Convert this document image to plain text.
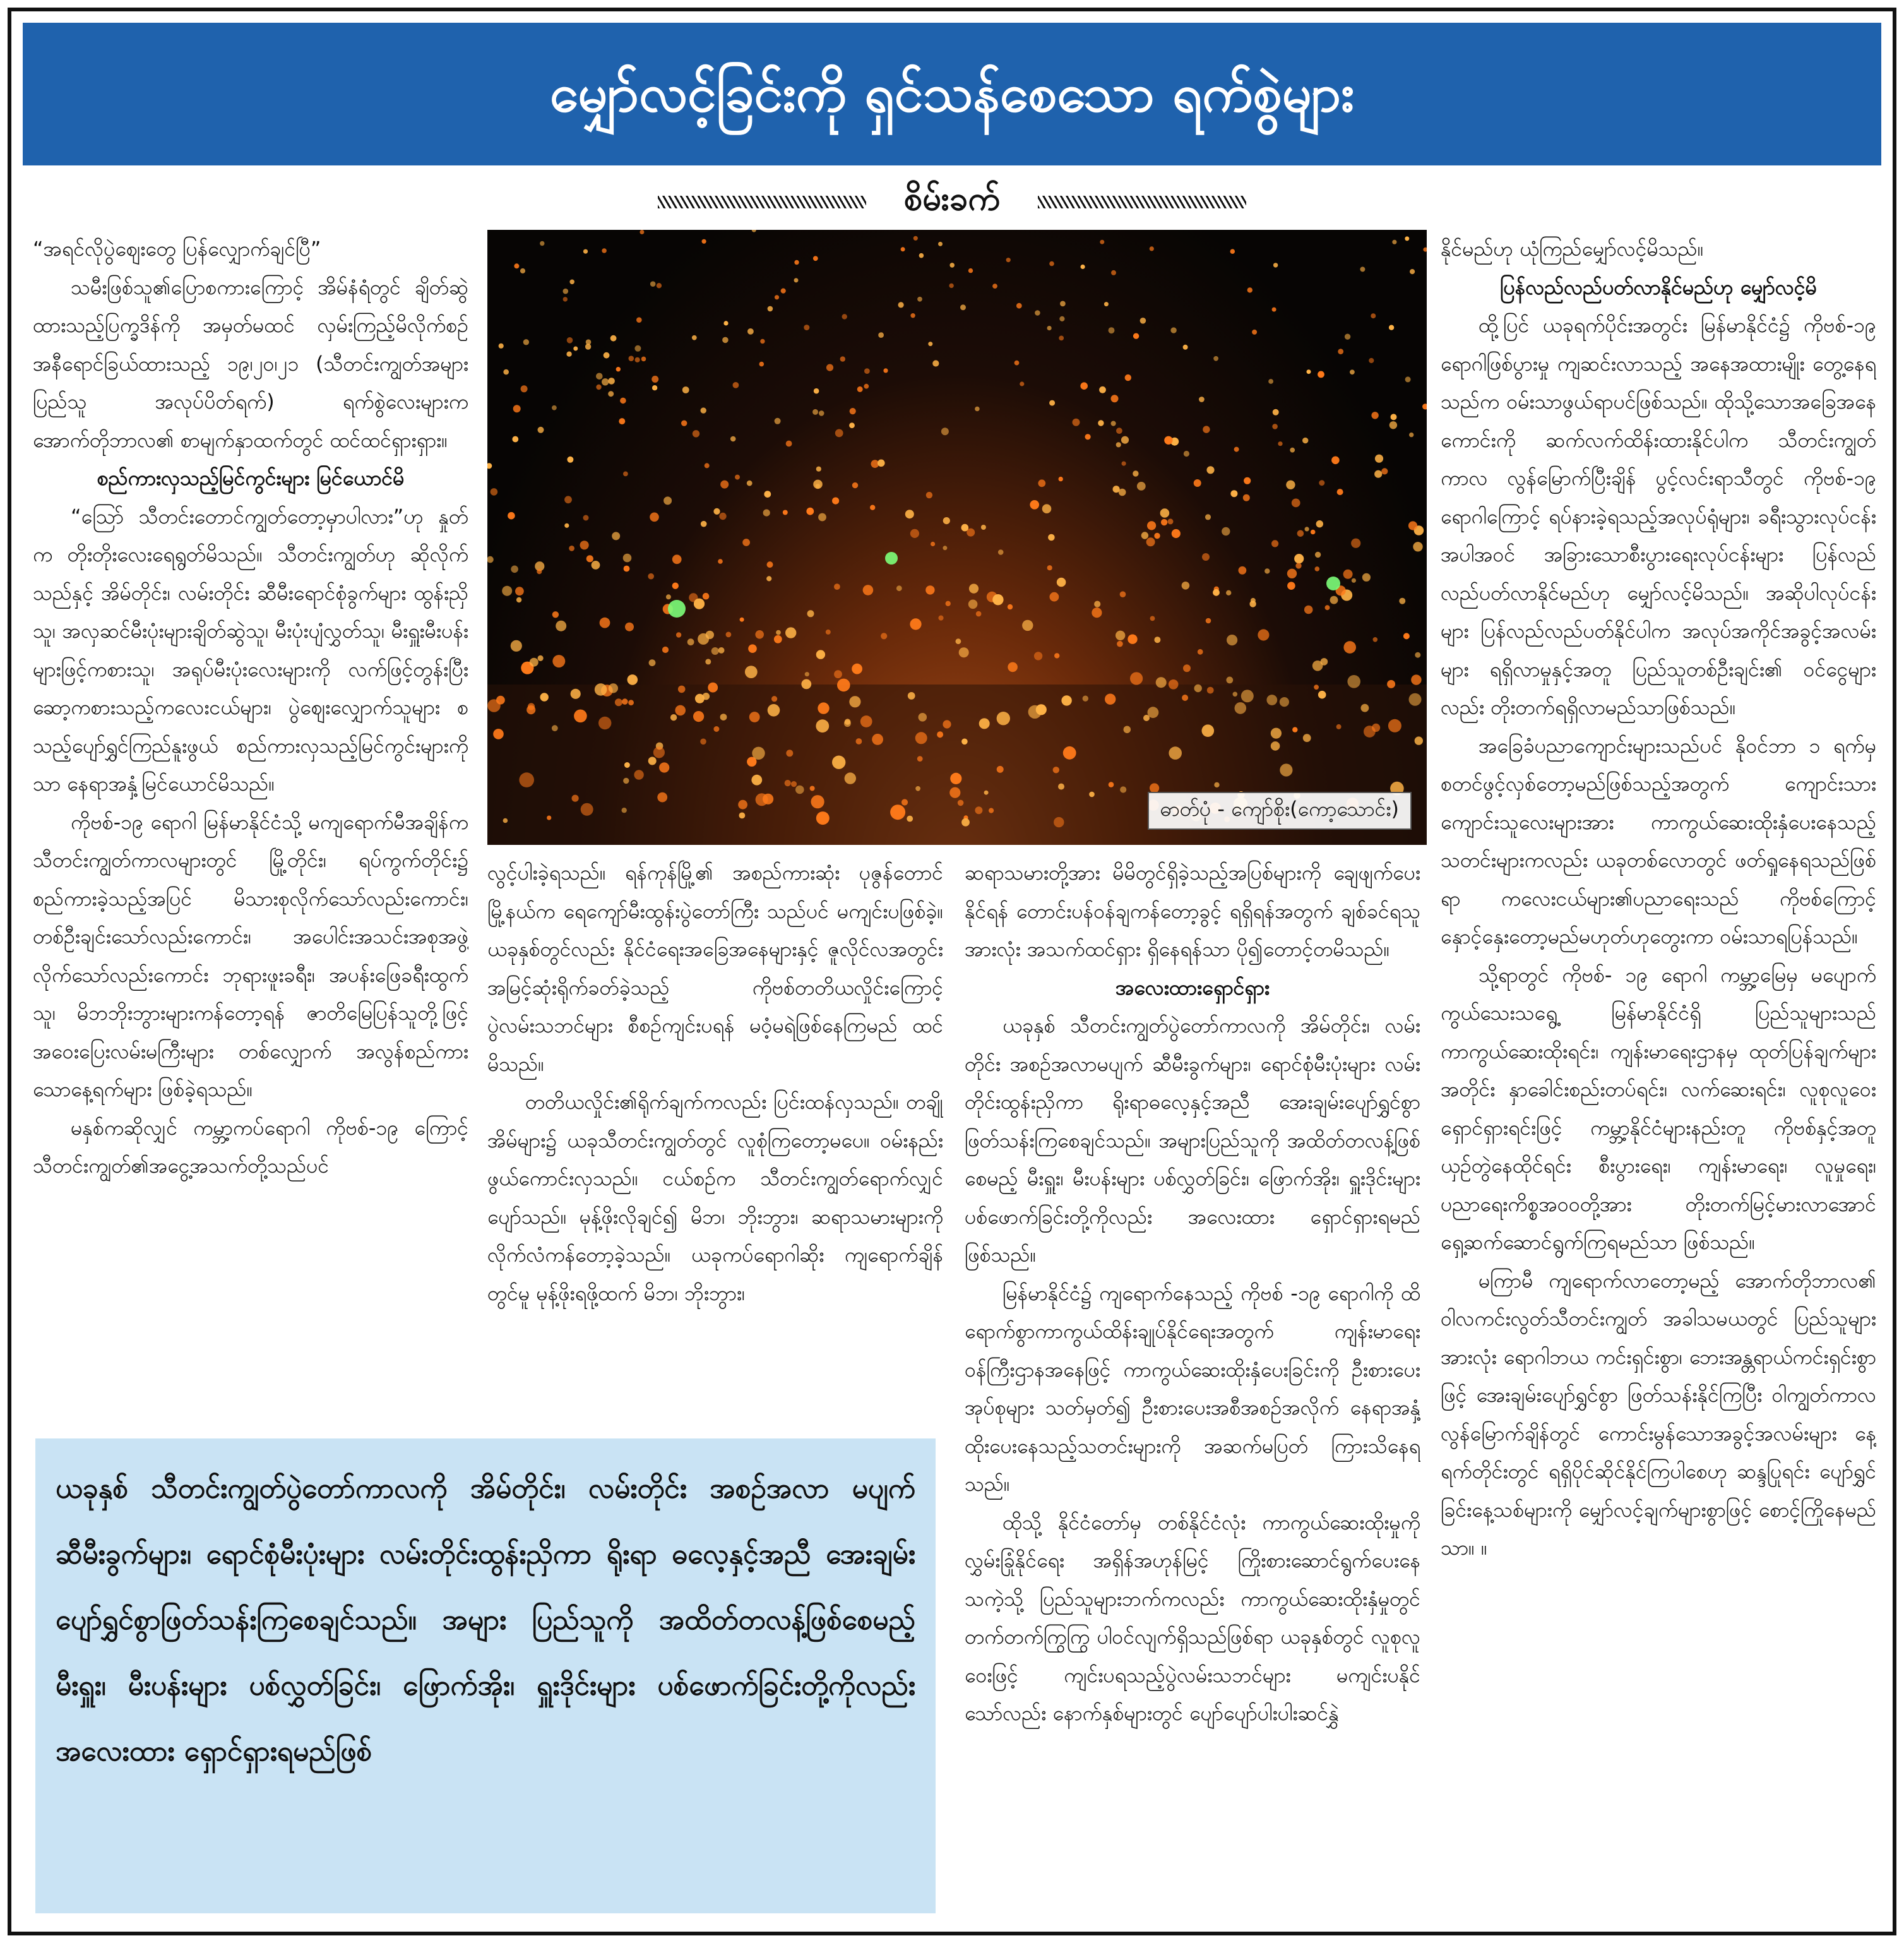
မျှော်လင့်ခြင်းကို ရှင်သန်စေသော ရက်စွဲများ
စိမ်းခက်

“အရင်လိုပွဲဈေးတွေ ပြန်လျှောက်ချင်ပြီ”

သမီးဖြစ်သူ၏ပြောစကားကြောင့် အိမ်နံရံတွင် ချိတ်ဆွဲထားသည့်ပြက္ခဒိန်ကို အမှတ်မထင် လှမ်းကြည့်မိလိုက်စဉ် အနီရောင်ခြယ်ထားသည့် ၁၉၊၂၀၊၂၁ (သီတင်းကျွတ်အများပြည်သူ အလုပ်ပိတ်ရက်) ရက်စွဲလေးများက အောက်တိုဘာလ၏ စာမျက်နှာထက်တွင် ထင်ထင်ရှားရှား။

စည်ကားလှသည့်မြင်ကွင်းများ မြင်ယောင်မိ

“ဩော် သီတင်းတောင်ကျွတ်တော့မှာပါလား”ဟု နှုတ်က တိုးတိုးလေးရေရွတ်မိသည်။ သီတင်းကျွတ်ဟု ဆိုလိုက်သည်နှင့် အိမ်တိုင်း၊ လမ်းတိုင်း ဆီမီးရောင်စုံခွက်များ ထွန်းညှိသူ၊ အလှဆင်မီးပုံးများချိတ်ဆွဲသူ၊ မီးပုံးပျံလွှတ်သူ၊ မီးရှူးမီးပန်းများဖြင့်ကစားသူ၊ အရုပ်မီးပုံးလေးများကို လက်ဖြင့်တွန်းပြီး ဆော့ကစားသည့်ကလေးငယ်များ၊ ပွဲဈေးလျှောက်သူများ စသည့်ပျော်ရွှင်ကြည်နူးဖွယ် စည်ကားလှသည့်မြင်ကွင်းများကိုသာ နေရာအနှံ့မြင်ယောင်မိသည်။

ကိုဗစ်-၁၉ ရောဂါ မြန်မာနိုင်ငံသို့ မကျရောက်မီအချိန်က သီတင်းကျွတ်ကာလများတွင် မြို့တိုင်း၊ ရပ်ကွက်တိုင်း၌ စည်ကားခဲ့သည့်အပြင် မိသားစုလိုက်သော်လည်းကောင်း၊ တစ်ဦးချင်းသော်လည်းကောင်း၊ အပေါင်းအသင်းအစုအဖွဲ့လိုက်သော်လည်းကောင်း ဘုရားဖူးခရီး၊ အပန်းဖြေခရီးထွက်သူ၊ မိဘဘိုးဘွားများကန်တော့ရန် ဇာတိမြေပြန်သူတို့ဖြင့် အဝေးပြေးလမ်းမကြီးများ တစ်လျှောက် အလွန်စည်ကားသောနေ့ရက်များ ဖြစ်ခဲ့ရသည်။

မနှစ်ကဆိုလျှင် ကမ္ဘာ့ကပ်ရောဂါ ကိုဗစ်-၁၉ ကြောင့် သီတင်းကျွတ်၏အငွေ့အသက်တို့သည်ပင်

ဓာတ်ပုံ - ကျော်စိုး(ကော့သောင်း)

လွင့်ပါးခဲ့ရသည်။ ရန်ကုန်မြို့၏ အစည်ကားဆုံး ပုဇွန်တောင်မြို့နယ်က ရေကျော်မီးထွန်းပွဲတော်ကြီး သည်ပင် မကျင်းပဖြစ်ခဲ့။ ယခုနှစ်တွင်လည်း နိုင်ငံရေးအခြေအနေများနှင့် ဇူလိုင်လအတွင်း အမြင့်ဆုံးရိုက်ခတ်ခဲ့သည့် ကိုဗစ်တတိယလှိုင်းကြောင့် ပွဲလမ်းသဘင်များ စီစဉ်ကျင်းပရန် မဝံ့မရဲဖြစ်နေကြမည် ထင်မိသည်။

တတိယလှိုင်း၏ရိုက်ချက်ကလည်း ပြင်းထန်လှသည်။ တချို့အိမ်များ၌ ယခုသီတင်းကျွတ်တွင် လူစုံကြတော့မပေ။ ဝမ်းနည်းဖွယ်ကောင်းလှသည်။ ငယ်စဉ်က သီတင်းကျွတ်ရောက်လျှင် ပျော်သည်။ မုန့်ဖိုးလိုချင်၍ မိဘ၊ ဘိုးဘွား၊ ဆရာသမားများကို လိုက်လံကန်တော့ခဲ့သည်။ ယခုကပ်ရောဂါဆိုး ကျရောက်ချိန်တွင်မူ မုန့်ဖိုးရဖို့ထက် မိဘ၊ ဘိုးဘွား၊

ဆရာသမားတို့အား မိမိတွင်ရှိခဲ့သည့်အပြစ်များကို ချေဖျက်ပေးနိုင်ရန် တောင်းပန်ဝန်ချကန်တော့ခွင့် ရရှိရန်အတွက် ချစ်ခင်ရသူအားလုံး အသက်ထင်ရှား ရှိနေရန်သာ ပို၍တောင့်တမိသည်။

အလေးထားရှောင်ရှား

ယခုနှစ် သီတင်းကျွတ်ပွဲတော်ကာလကို အိမ်တိုင်း၊ လမ်းတိုင်း အစဉ်အလာမပျက် ဆီမီးခွက်များ၊ ရောင်စုံမီးပုံးများ လမ်းတိုင်းထွန်းညှိကာ ရိုးရာဓလေ့နှင့်အညီ အေးချမ်းပျော်ရွှင်စွာဖြတ်သန်းကြစေချင်သည်။ အများပြည်သူကို အထိတ်တလန့်ဖြစ်စေမည့် မီးရှူး၊ မီးပန်းများ ပစ်လွှတ်ခြင်း၊ ဖြောက်အိုး၊ ရှူးဒိုင်းများ ပစ်ဖောက်ခြင်းတို့ကိုလည်း အလေးထား ရှောင်ရှားရမည်ဖြစ်သည်။

မြန်မာနိုင်ငံ၌ ကျရောက်နေသည့် ကိုဗစ် -၁၉ ရောဂါကို ထိရောက်စွာကာကွယ်ထိန်းချုပ်နိုင်ရေးအတွက် ကျန်းမာရေးဝန်ကြီးဌာနအနေဖြင့် ကာကွယ်ဆေးထိုးနှံပေးခြင်းကို ဦးစားပေးအုပ်စုများ သတ်မှတ်၍ ဦးစားပေးအစီအစဉ်အလိုက် နေရာအနှံ့ ထိုးပေးနေသည့်သတင်းများကို အဆက်မပြတ် ကြားသိနေရသည်။

ထိုသို့ နိုင်ငံတော်မှ တစ်နိုင်ငံလုံး ကာကွယ်ဆေးထိုးမှုကို လွှမ်းခြုံနိုင်ရေး အရှိန်အဟုန်မြင့် ကြိုးစားဆောင်ရွက်ပေးနေသကဲ့သို့ ပြည်သူများဘက်ကလည်း ကာကွယ်ဆေးထိုးနှံမှုတွင် တက်တက်ကြွကြွ ပါဝင်လျက်ရှိသည်ဖြစ်ရာ ယခုနှစ်တွင် လူစုလူဝေးဖြင့် ကျင်းပရသည့်ပွဲလမ်းသဘင်များ မကျင်းပနိုင်သော်လည်း နောက်နှစ်များတွင် ပျော်ပျော်ပါးပါးဆင်နွှဲ

နိုင်မည်ဟု ယုံကြည်မျှော်လင့်မိသည်။

ပြန်လည်လည်ပတ်လာနိုင်မည်ဟု မျှော်လင့်မိ

ထို့ပြင် ယခုရက်ပိုင်းအတွင်း မြန်မာနိုင်ငံ၌ ကိုဗစ်-၁၉ ရောဂါဖြစ်ပွားမှု ကျဆင်းလာသည့် အနေအထားမျိုး တွေ့နေရသည်က ဝမ်းသာဖွယ်ရာပင်ဖြစ်သည်။ ထိုသို့သောအခြေအနေကောင်းကို ဆက်လက်ထိန်းထားနိုင်ပါက သီတင်းကျွတ်ကာလ လွန်မြောက်ပြီးချိန် ပွင့်လင်းရာသီတွင် ကိုဗစ်-၁၉ ရောဂါကြောင့် ရပ်နားခဲ့ရသည့်အလုပ်ရုံများ၊ ခရီးသွားလုပ်ငန်းအပါအဝင် အခြားသောစီးပွားရေးလုပ်ငန်းများ ပြန်လည်လည်ပတ်လာနိုင်မည်ဟု မျှော်လင့်မိသည်။ အဆိုပါလုပ်ငန်းများ ပြန်လည်လည်ပတ်နိုင်ပါက အလုပ်အကိုင်အခွင့်အလမ်းများ ရရှိလာမှုနှင့်အတူ ပြည်သူတစ်ဦးချင်း၏ ဝင်ငွေများလည်း တိုးတက်ရရှိလာမည်သာဖြစ်သည်။

အခြေခံပညာကျောင်းများသည်ပင် နိုဝင်ဘာ ၁ ရက်မှ စတင်ဖွင့်လှစ်တော့မည်ဖြစ်သည့်အတွက် ကျောင်းသား ကျောင်းသူလေးများအား ကာကွယ်ဆေးထိုးနှံပေးနေသည့် သတင်းများကလည်း ယခုတစ်လောတွင် ဖတ်ရှုနေရသည်ဖြစ်ရာ ကလေးငယ်များ၏ပညာရေးသည် ကိုဗစ်ကြောင့် နှောင့်နှေးတော့မည်မဟုတ်ဟုတွေးကာ ဝမ်းသာရပြန်သည်။

သို့ရာတွင် ကိုဗစ်- ၁၉ ရောဂါ ကမ္ဘာ့မြေမှ မပျောက်ကွယ်သေးသရွေ့ မြန်မာနိုင်ငံရှိ ပြည်သူများသည် ကာကွယ်ဆေးထိုးရင်း၊ ကျန်းမာရေးဌာနမှ ထုတ်ပြန်ချက်များအတိုင်း နှာခေါင်းစည်းတပ်ရင်း၊ လက်ဆေးရင်း၊ လူစုလူဝေးရှောင်ရှားရင်းဖြင့် ကမ္ဘာ့နိုင်ငံများနည်းတူ ကိုဗစ်နှင့်အတူ ယှဉ်တွဲနေထိုင်ရင်း စီးပွားရေး၊ ကျန်းမာရေး၊ လူမှုရေး၊ ပညာရေးကိစ္စအဝဝတို့အား တိုးတက်မြင့်မားလာအောင် ရှေ့ဆက်ဆောင်ရွက်ကြရမည်သာ ဖြစ်သည်။

မကြာမီ ကျရောက်လာတော့မည့် အောက်တိုဘာလ၏ ဝါလကင်းလွတ်သီတင်းကျွတ် အခါသမယတွင် ပြည်သူများအားလုံး ရောဂါဘယ ကင်းရှင်းစွာ၊ ဘေးအန္တရာယ်ကင်းရှင်းစွာဖြင့် အေးချမ်းပျော်ရွှင်စွာ ဖြတ်သန်းနိုင်ကြပြီး ဝါကျွတ်ကာလလွန်မြောက်ချိန်တွင် ကောင်းမွန်သောအခွင့်အလမ်းများ နေ့ရက်တိုင်းတွင် ရရှိပိုင်ဆိုင်နိုင်ကြပါစေဟု ဆန္ဒပြုရင်း ပျော်ရွှင်ခြင်းနေ့သစ်များကို မျှော်လင့်ချက်များစွာဖြင့် စောင့်ကြိုနေမည်သာ။ ။

ယခုနှစ် သီတင်းကျွတ်ပွဲတော်ကာလကို အိမ်တိုင်း၊ လမ်းတိုင်း အစဉ်အလာ မပျက် ဆီမီးခွက်များ၊ ရောင်စုံမီးပုံးများ လမ်းတိုင်းထွန်းညှိကာ ရိုးရာ ဓလေ့နှင့်အညီ အေးချမ်းပျော်ရွှင်စွာဖြတ်သန်းကြစေချင်သည်။ အများ ပြည်သူကို အထိတ်တလန့်ဖြစ်စေမည့် မီးရှူး၊ မီးပန်းများ ပစ်လွှတ်ခြင်း၊ ဖြောက်အိုး၊ ရှူးဒိုင်းများ ပစ်ဖောက်ခြင်းတို့ကိုလည်း အလေးထား ရှောင်ရှားရမည်ဖြစ်
